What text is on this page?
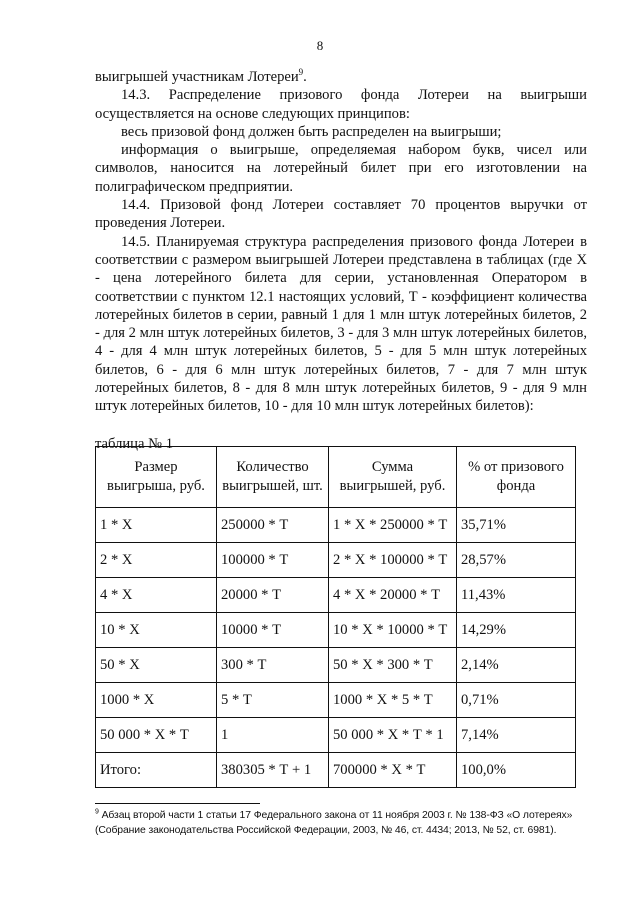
8

выигрышей участникам Лотереи$^9$.

14.3. Распределение призового фонда Лотереи на выигрыши осуществляется на основе следующих принципов:

весь призовой фонд должен быть распределен на выигрыши;

информация о выигрыше, определяемая набором букв, чисел или символов, наносится на лотерейный билет при его изготовлении на полиграфическом предприятии.

14.4. Призовой фонд Лотереи составляет 70 процентов выручки от проведения Лотереи.

14.5. Планируемая структура распределения призового фонда Лотереи в соответствии с размером выигрышей Лотереи представлена в таблицах (где X - цена лотерейного билета для серии, установленная Оператором в соответствии с пунктом 12.1 настоящих условий, Т - коэффициент количества лотерейных билетов в серии, равный 1 для 1 млн штук лотерейных билетов, 2 - для 2 млн штук лотерейных билетов, 3 - для 3 млн штук лотерейных билетов, 4 - для 4 млн штук лотерейных билетов, 5 - для 5 млн штук лотерейных билетов, 6 - для 6 млн штук лотерейных билетов, 7 - для 7 млн штук лотерейных билетов, 8 - для 8 млн штук лотерейных билетов, 9 - для 9 млн штук лотерейных билетов, 10 - для 10 млн штук лотерейных билетов):

таблица № 1
Размер выигрыша, руб.	Количество выигрышей, шт.	Сумма выигрышей, руб.	% от призового фонда
1 * X	250000 * Т	1 * X * 250000 * Т	35,71%
2 * X	100000 * Т	2 * X * 100000 * Т	28,57%
4 * X	20000 * Т	4 * X * 20000 * Т	11,43%
10 * X	10000 * Т	10 * X * 10000 * Т	14,29%
50 * X	300 * Т	50 * X * 300 * Т	2,14%
1000 * X	5 * Т	1000 * X * 5 * Т	0,71%
50 000 * X * Т	1	50 000 * X * Т * 1	7,14%
Итого:	380305 * Т + 1	700000 * X * Т	100,0%
$^9$ Абзац второй части 1 статьи 17 Федерального закона от 11 ноября 2003 г. № 138-ФЗ «О лотереях» (Собрание законодательства Российской Федерации, 2003, № 46, ст. 4434; 2013, № 52, ст. 6981).
